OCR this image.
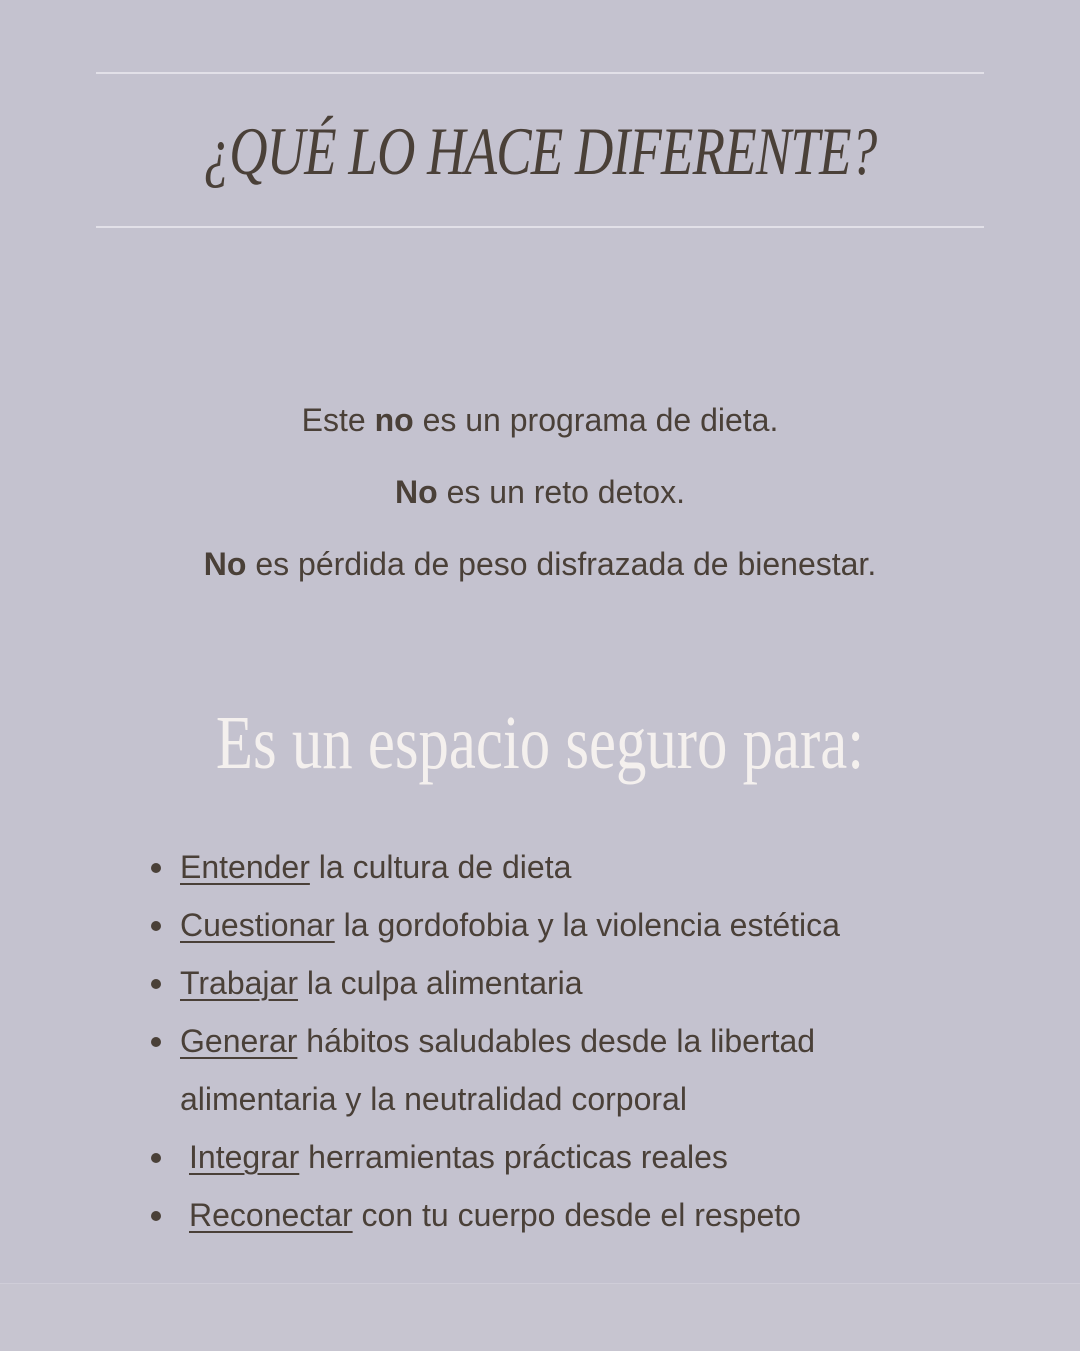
¿QUÉ LO HACE DIFERENTE?

Este no es un programa de dieta.

No es un reto detox.

No es pérdida de peso disfrazada de bienestar.

Es un espacio seguro para:
Entender la cultura de dieta
Cuestionar la gordofobia y la violencia estética
Trabajar la culpa alimentaria
Generar hábitos saludables desde la libertad
alimentaria y la neutralidad corporal
Integrar herramientas prácticas reales
Reconectar con tu cuerpo desde el respeto
